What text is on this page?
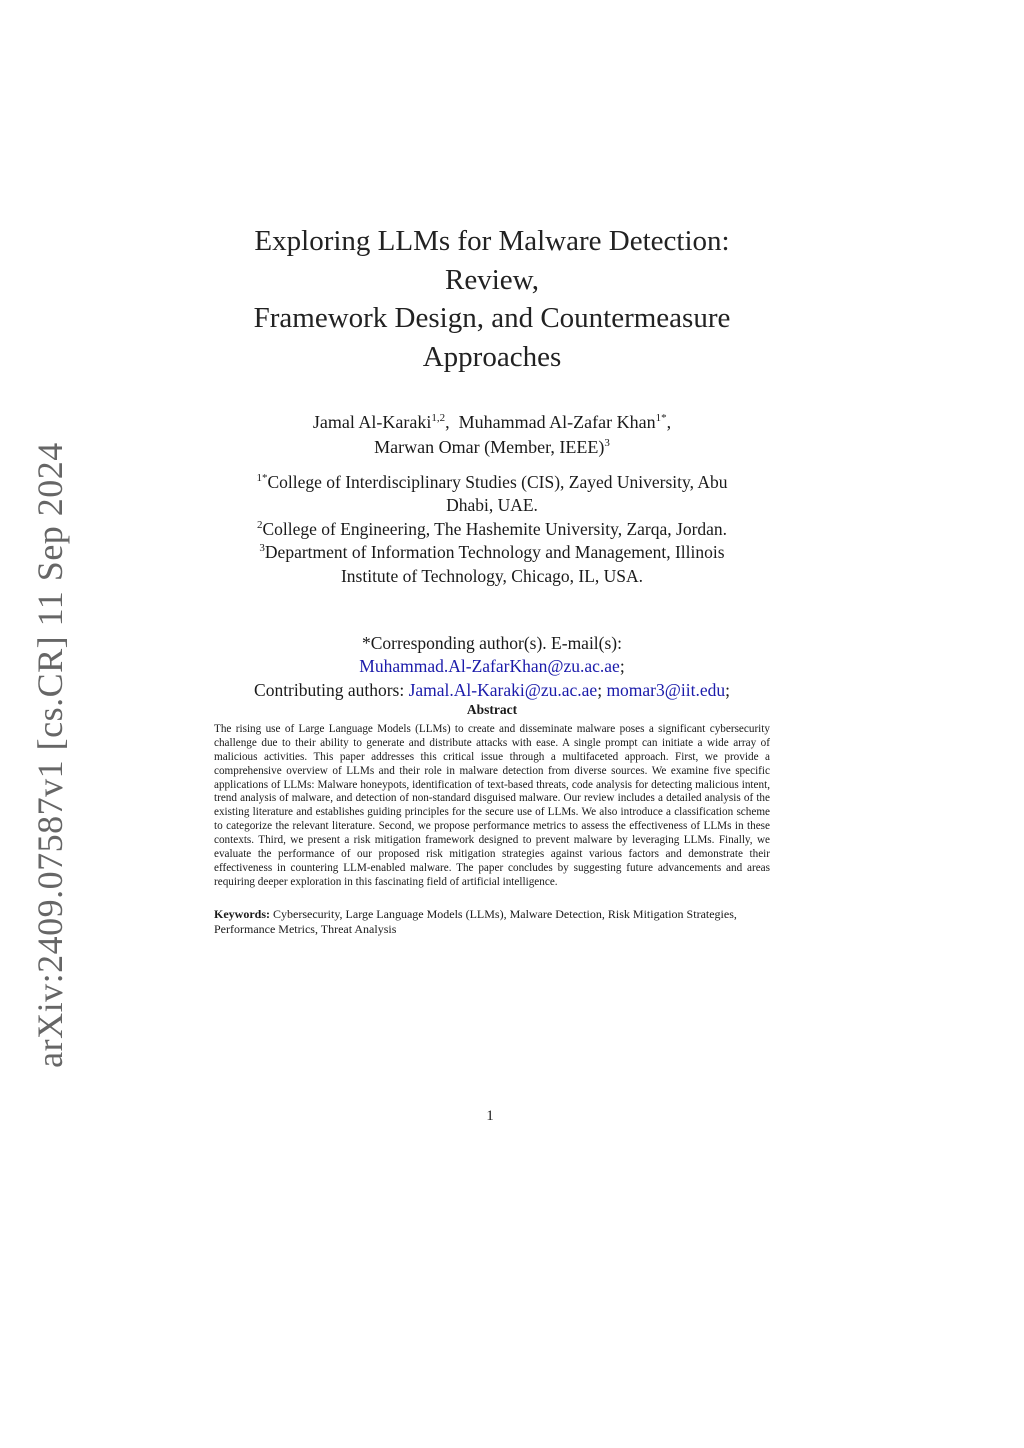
arXiv:2409.07587v1 [cs.CR] 11 Sep 2024
Exploring LLMs for Malware Detection: Review,
Framework Design, and Countermeasure
Approaches
Jamal Al-Karaki$^{1,2}$,  Muhammad Al-Zafar Khan$^{1*}$,
Marwan Omar (Member, IEEE)$^3$
$^{1*}$College of Interdisciplinary Studies (CIS), Zayed University, Abu
Dhabi, UAE.
$^2$College of Engineering, The Hashemite University, Zarqa, Jordan.
$^3$Department of Information Technology and Management, Illinois
Institute of Technology, Chicago, IL, USA.
*Corresponding author(s). E-mail(s):
Muhammad.Al-ZafarKhan@zu.ac.ae;
Contributing authors: Jamal.Al-Karaki@zu.ac.ae; momar3@iit.edu;
Abstract
The rising use of Large Language Models (LLMs) to create and disseminate malware poses a significant cybersecurity challenge due to their ability to generate and distribute attacks with ease. A single prompt can initiate a wide array of malicious activities. This paper addresses this critical issue through a multifaceted approach. First, we provide a comprehensive overview of LLMs and their role in malware detection from diverse sources. We examine five specific applications of LLMs: Malware honeypots, identification of text-based threats, code analysis for detecting malicious intent, trend analysis of malware, and detection of non-standard disguised malware. Our review includes a detailed analysis of the existing literature and establishes guiding principles for the secure use of LLMs. We also introduce a classification scheme to categorize the relevant literature. Second, we propose performance metrics to assess the effectiveness of LLMs in these contexts. Third, we present a risk mitigation framework designed to prevent malware by leveraging LLMs. Finally, we evaluate the performance of our proposed risk mitigation strategies against various factors and demonstrate their effectiveness in countering LLM-enabled malware. The paper concludes by suggesting future advancements and areas requiring deeper exploration in this fascinating field of artificial intelligence.
Keywords: Cybersecurity, Large Language Models (LLMs), Malware Detection, Risk Mitigation Strategies, Performance Metrics, Threat Analysis
1
